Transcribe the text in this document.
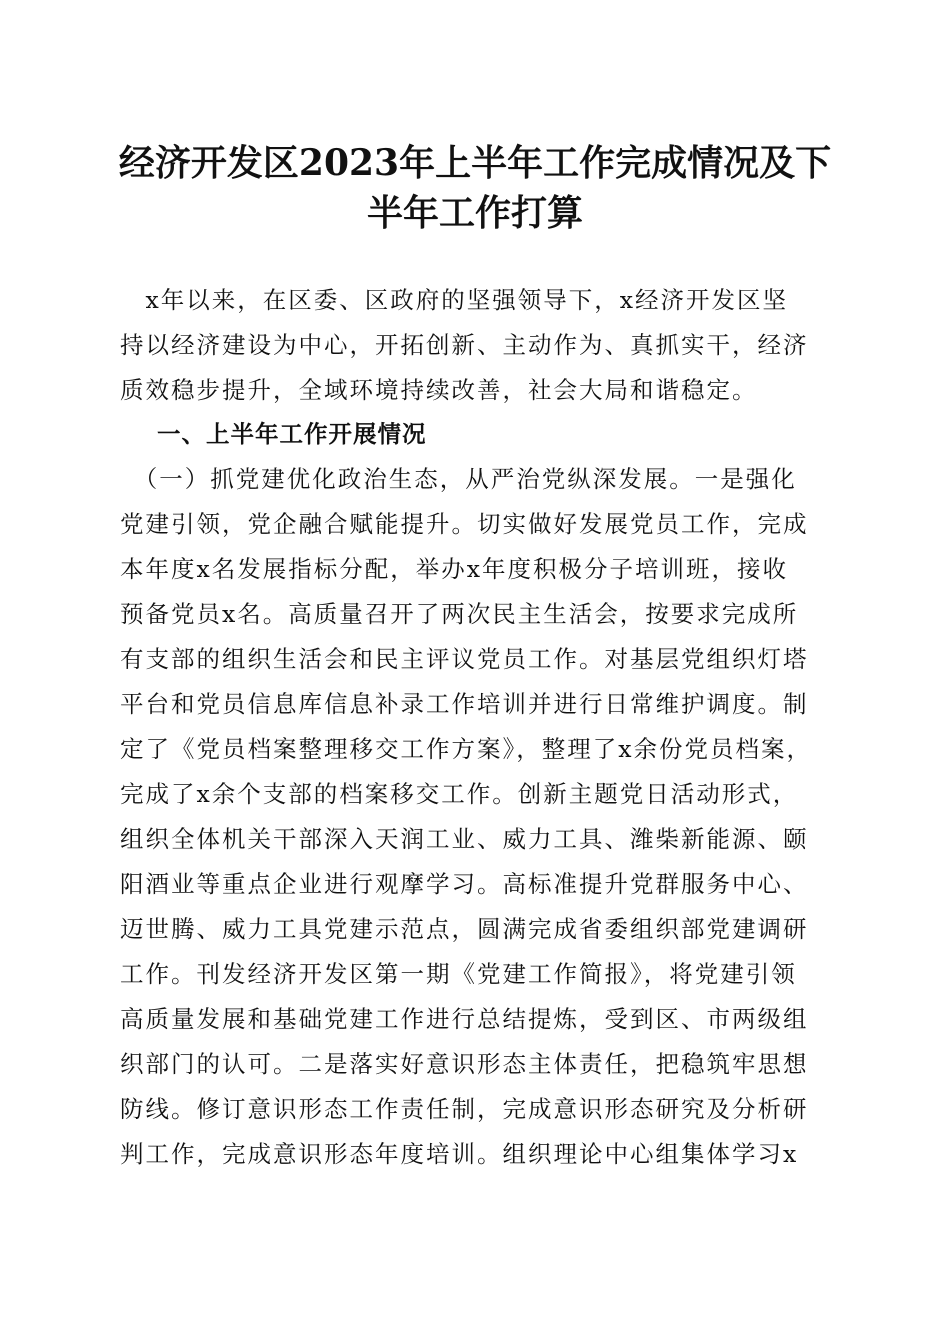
经济开发区2023年上半年工作完成情况及下
半年工作打算
　x年以来，在区委、区政府的坚强领导下，x经济开发区坚
持以经济建设为中心，开拓创新、主动作为、真抓实干，经济
质效稳步提升，全域环境持续改善，社会大局和谐稳定。
一、上半年工作开展情况
　（一）抓党建优化政治生态，从严治党纵深发展。一是强化
党建引领，党企融合赋能提升。切实做好发展党员工作，完成
本年度x名发展指标分配，举办x年度积极分子培训班，接收
预备党员x名。高质量召开了两次民主生活会，按要求完成所
有支部的组织生活会和民主评议党员工作。对基层党组织灯塔
平台和党员信息库信息补录工作培训并进行日常维护调度。制
定了《党员档案整理移交工作方案》，整理了x余份党员档案，
完成了x余个支部的档案移交工作。创新主题党日活动形式，
组织全体机关干部深入天润工业、威力工具、潍柴新能源、颐
阳酒业等重点企业进行观摩学习。高标准提升党群服务中心、
迈世腾、威力工具党建示范点，圆满完成省委组织部党建调研
工作。刊发经济开发区第一期《党建工作简报》，将党建引领
高质量发展和基础党建工作进行总结提炼，受到区、市两级组
织部门的认可。二是落实好意识形态主体责任，把稳筑牢思想
防线。修订意识形态工作责任制，完成意识形态研究及分析研
判工作，完成意识形态年度培训。组织理论中心组集体学习x
